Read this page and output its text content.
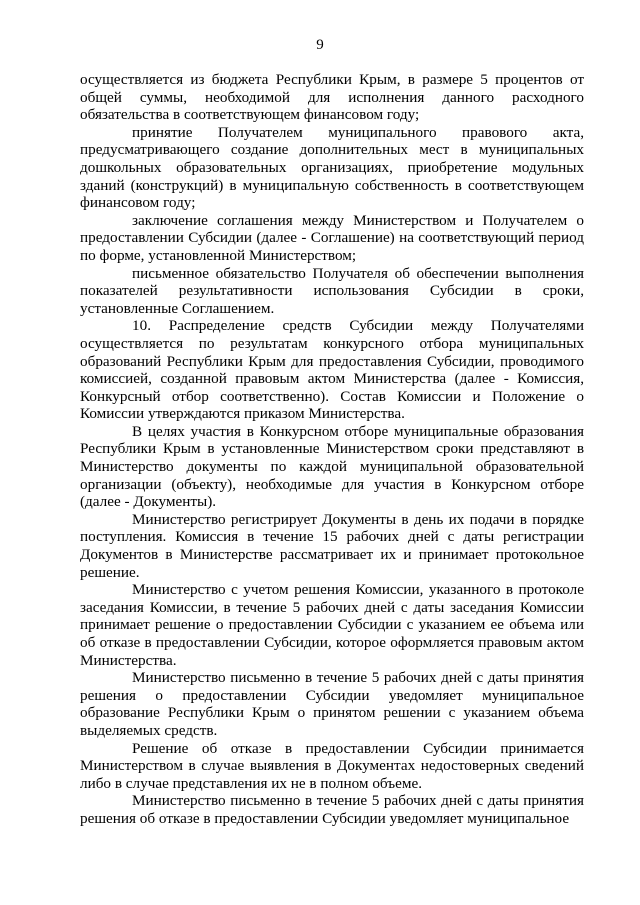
9

осуществляется из бюджета Республики Крым, в размере 5 процентов от общей суммы, необходимой для исполнения данного расходного обязательства в соответствующем финансовом году;

принятие Получателем муниципального правового акта, предусматривающего создание дополнительных мест в муниципальных дошкольных образовательных организациях, приобретение модульных зданий (конструкций) в муниципальную собственность в соответствующем финансовом году;

заключение соглашения между Министерством и Получателем о предоставлении Субсидии (далее - Соглашение) на соответствующий период по форме, установленной Министерством;

письменное обязательство Получателя об обеспечении выполнения показателей результативности использования Субсидии в сроки, установленные Соглашением.

10. Распределение средств Субсидии между Получателями осуществляется по результатам конкурсного отбора муниципальных образований Республики Крым для предоставления Субсидии, проводимого комиссией, созданной правовым актом Министерства (далее - Комиссия, Конкурсный отбор соответственно). Состав Комиссии и Положение о Комиссии утверждаются приказом Министерства.

В целях участия в Конкурсном отборе муниципальные образования Республики Крым в установленные Министерством сроки представляют в Министерство документы по каждой муниципальной образовательной организации (объекту), необходимые для участия в Конкурсном отборе (далее - Документы).

Министерство регистрирует Документы в день их подачи в порядке поступления. Комиссия в течение 15 рабочих дней с даты регистрации Документов в Министерстве рассматривает их и принимает протокольное решение.

Министерство с учетом решения Комиссии, указанного в протоколе заседания Комиссии, в течение 5 рабочих дней с даты заседания Комиссии принимает решение о предоставлении Субсидии с указанием ее объема или об отказе в предоставлении Субсидии, которое оформляется правовым актом Министерства.

Министерство письменно в течение 5 рабочих дней с даты принятия решения о предоставлении Субсидии уведомляет муниципальное образование Республики Крым о принятом решении с указанием объема выделяемых средств.

Решение об отказе в предоставлении Субсидии принимается Министерством в случае выявления в Документах недостоверных сведений либо в случае представления их не в полном объеме.

Министерство письменно в течение 5 рабочих дней с даты принятия решения об отказе в предоставлении Субсидии уведомляет муниципальное
